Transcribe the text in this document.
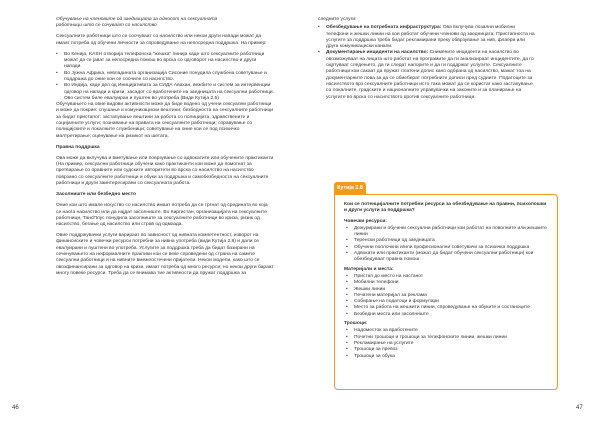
Обучување на членовите од заедницата за односот на сексуалната
работници што се сочуваат со насилство

Сексуалните работници што се соочуваат со насилство или некои други напади можат да имаат потреба од обучени личности за спроведување на непосредна поддршка. На пример:

•	Во Кенија, KASH отворија телефонска "жешка" линија каде што сексуалните работници можат да се јават за непосредна помош во врска со одговорот на насилство и други напади.

•	Во Јужна Африка, невладината организација Сисоние понудила службена советување и поддршка до оние кои се соочиле со насилство.

•	Во Индија, каде дел од Иницијативата за СИДА Авахан, вежбите и систем за интервенции одговор на напади и кризи, засадот со вработените на заедницата на сексуални работници. Ово систем биле евалуиран и пуштен во употреба (Види Кутија 2.5)

Обучувањето на овие видови активности може да биде водено од учени сексуални работници и може да покрие: спушање и комуникациски вештини; безбедноста на сексуалните работници за бидат пристапот: застапување вештини за работа со полицијата, здравствените и социјалните услуги; познавање на правата на сексуалните работници; справување со полицијските и локалните службеници; советување на оние кои се под психичко малтретирање; оценување на ризикот на шетата.

Правна поддршка

Ова може да вклучува и вметување или поврзување со адвокатите или обучените практиканти (На пример, сексуални работници обучени како практиканти кои може да помогнат за претварање со правните или судските авторитети во врска со насилство на насилство поврзано со сексуалните работници и обуки за поддршка и самобезбедноста на сексуалните работници и други заинтересирани со сексуалната работа.

Засолниште или безбедно место

Оние кои што имале искуство со насилство имаат потреба да се тргнат од средината во која се наоѓа насилство или да најдат засолниште. Во Киргистан, организацијата на сексуалните работници, ТансПлус понудила засолниште за сексуалните работници во криза, ризик од насилство, бегање од насилство или страв од одмазда.

Овие поддржувачки услуги варираат во зависност од нивната компетентност, изворот на финансиските и човечки ресурси потребни за нивна употреба (види Кутија 2.8) и дали се евалуирани и пуштени во употреба. Услугите за поддршка треба да бидат базирани на сеченувањето на неформалните практики кои се веќе спроведени од страна на самите сексуални работници и на нивните вмежеостечени пријатели. Некои модели, како што се овозфинансирани за одговор на кризи, имаат потреба од много ресурси; но некои други бараат многу повеќе ресурси. Треба да се внимава тие активности да пружат поддршка за

46

следните услуги:

•	Обезбедување на потребната инфраструктура: Ова вклучува лозални мобилни телефони и жешки линии на кои работат обучени членови од заедницата. Пристапноста на услугите за поддршка треба бидат рекламирани преку обврзувањe за нив, флаери или друга комуникациски канали.

•	Документирање инциденти на насилство: Снимените инциденти на насилство во овозможуваат на лицата што работат на програмите да ги анализираат инцидентите, да го оцртуваат следењето, да ги следат напорите и да ги поддржат услугите. Сексуалните работници кои сакаат да пружат платени допис кано одбрана од насилство, мажат тоа на документарните пова за да се обиеберат потребните дописи пред судиите. Податоците за насилството врз сексуалните работници исто така можат да се користат како застапување со локалните, градските и националните управувачки на законите и за планирање на услугите во врска со насилството против сексуалните работници.

Кутија 2.8
Кои се потенцијалните потребни ресурси за обезбедување на правни, психолошки и други услуги за поддршка?
Човечки ресурси:
•	Дежурирани и обучени сексуални работници кои работат на поволните или жешките линии
•	Терeнски работници од заедницата
•	Обучени поплочкни и/или професионални советувачи за психичка поддршка
•	Адвокати или практиканти (можат да бидат обучени сексуални работници) кои обезбедуваат правна помош
Материјали и места:
•	Пристап до место на настанот
•	Мобилни телефони
•	Жешки линии
•	Печатени материјал за реклама
•	Собирање на податоци и формулари
•	Место за работа на жешкити линии, спроведување на обуките и состаноците
•	Безбедни места или засолниште
Трошоци:
•	Надоместок за вработените
•	Почетни трошоци и трошоци за телефонските линии, жешки линии
•	Рекламирање на услугите
•	Трошоци за превоз
•	Трошоци за обука
47
